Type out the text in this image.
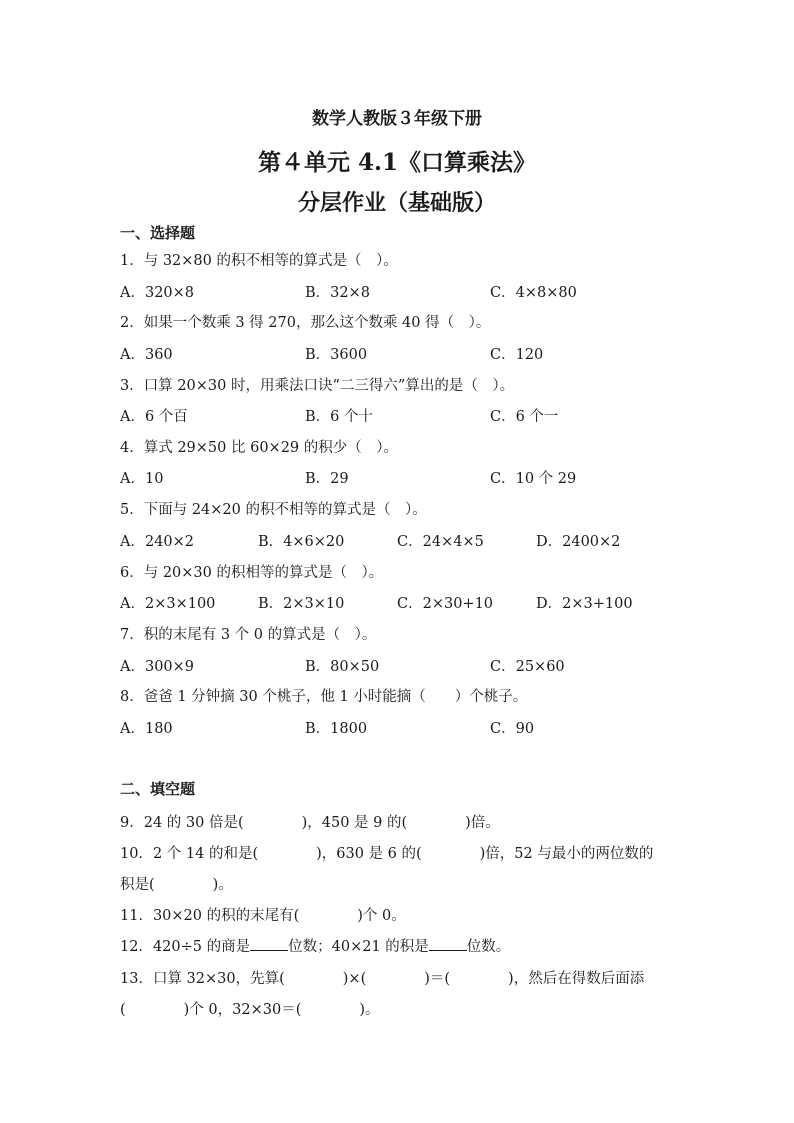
数学人教版３年级下册
第４单元 4.1《口算乘法》
分层作业（基础版）
一、选择题
1．与 32×80 的积不相等的算式是（　）。
A．320×8	B．32×8	C．4×8×80
2．如果一个数乘 3 得 270，那么这个数乘 40 得（　）。
A．360	B．3600	C．120
3．口算 20×30 时，用乘法口诀“二三得六”算出的是（　）。
A．6 个百	B．6 个十	C．6 个一
4．算式 29×50 比 60×29 的积少（　）。
A．10	B．29	C．10 个 29
5．下面与 24×20 的积不相等的算式是（　）。
A．240×2	B．4×6×20	C．24×4×5	D．2400×2
6．与 20×30 的积相等的算式是（　）。
A．2×3×100	B．2×3×10	C．2×30+10	D．2×3+100
7．积的末尾有 3 个 0 的算式是（　）。
A．300×9	B．80×50	C．25×60
8．爸爸 1 分钟摘 30 个桃子，他 1 小时能摘（　　）个桃子。
A．180	B．1800	C．90
二、填空题
9．24 的 30 倍是(　　　　)，450 是 9 的(　　　　)倍。
10．2 个 14 的和是(　　　　)，630 是 6 的(　　　　)倍，52 与最小的两位数的
积是(　　　　)。
11．30×20 的积的末尾有(　　　　)个 0。
12．420÷5 的商是	位数；40×21 的积是	位数。
13．口算 32×30，先算(　　　　)×(　　　　)＝(　　　　)，然后在得数后面添
(　　　　)个 0，32×30＝(　　　　)。
